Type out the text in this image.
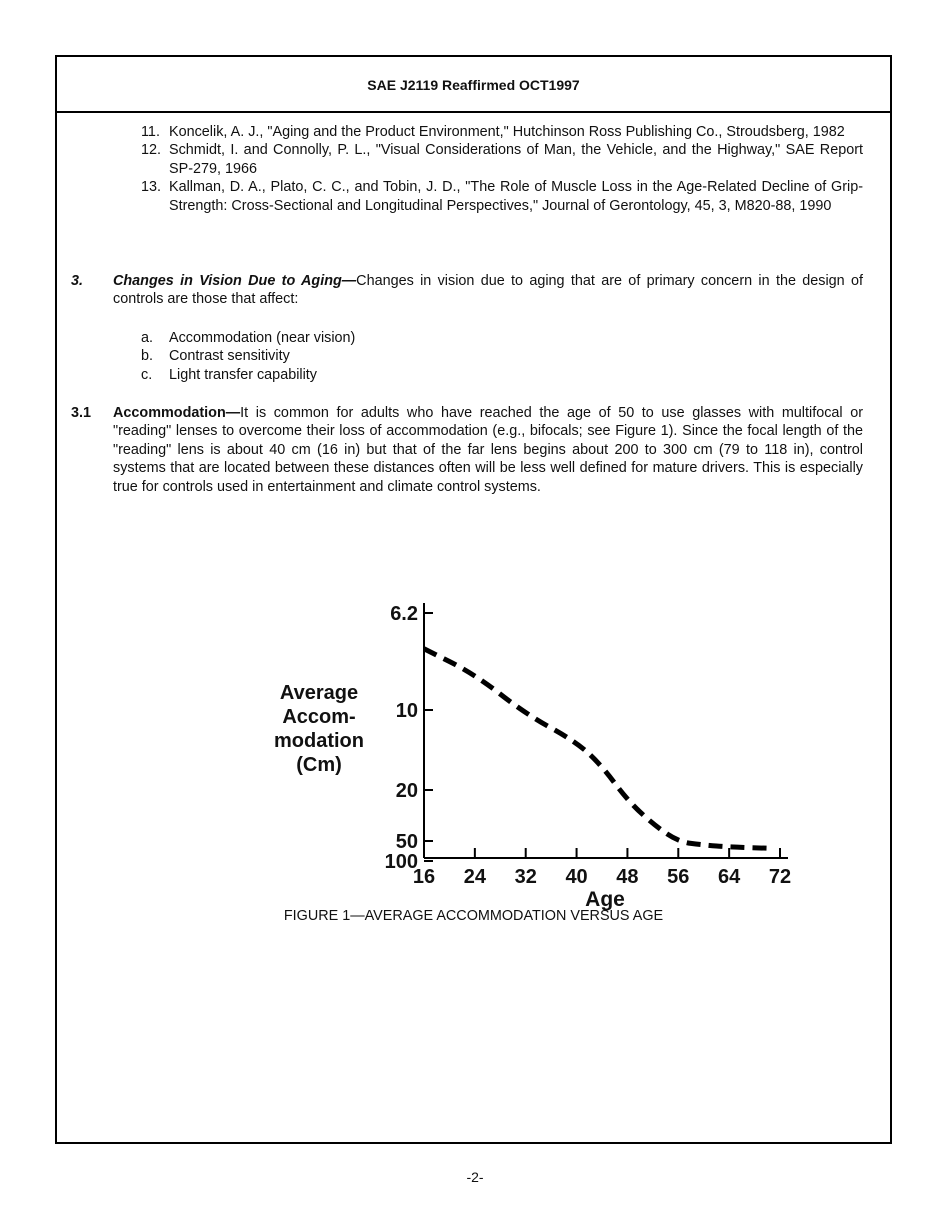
SAE J2119 Reaffirmed OCT1997
11. Koncelik, A. J., "Aging and the Product Environment," Hutchinson Ross Publishing Co., Stroudsberg, 1982
12. Schmidt, I. and Connolly, P. L., "Visual Considerations of Man, the Vehicle, and the Highway," SAE Report SP-279, 1966
13. Kallman, D. A., Plato, C. C., and Tobin, J. D., "The Role of Muscle Loss in the Age-Related Decline of Grip-Strength: Cross-Sectional and Longitudinal Perspectives," Journal of Gerontology, 45, 3, M820-88, 1990
3.	Changes in Vision Due to Aging—Changes in vision due to aging that are of primary concern in the design of controls are those that affect:
a. Accommodation (near vision)
b. Contrast sensitivity
c. Light transfer capability
3.1	Accommodation—It is common for adults who have reached the age of 50 to use glasses with multifocal or "reading" lenses to overcome their loss of accommodation (e.g., bifocals; see Figure 1). Since the focal length of the "reading" lens is about 40 cm (16 in) but that of the far lens begins about 200 to 300 cm (79 to 118 in), control systems that are located between these distances often will be less well defined for mature drivers. This is especially true for controls used in entertainment and climate control systems.
6.2
10
20
50
100
16 24 32 40 48 56 64 72
Age
Average
Accom-
modation
(Cm)
FIGURE 1—AVERAGE ACCOMMODATION VERSUS AGE
-2-
